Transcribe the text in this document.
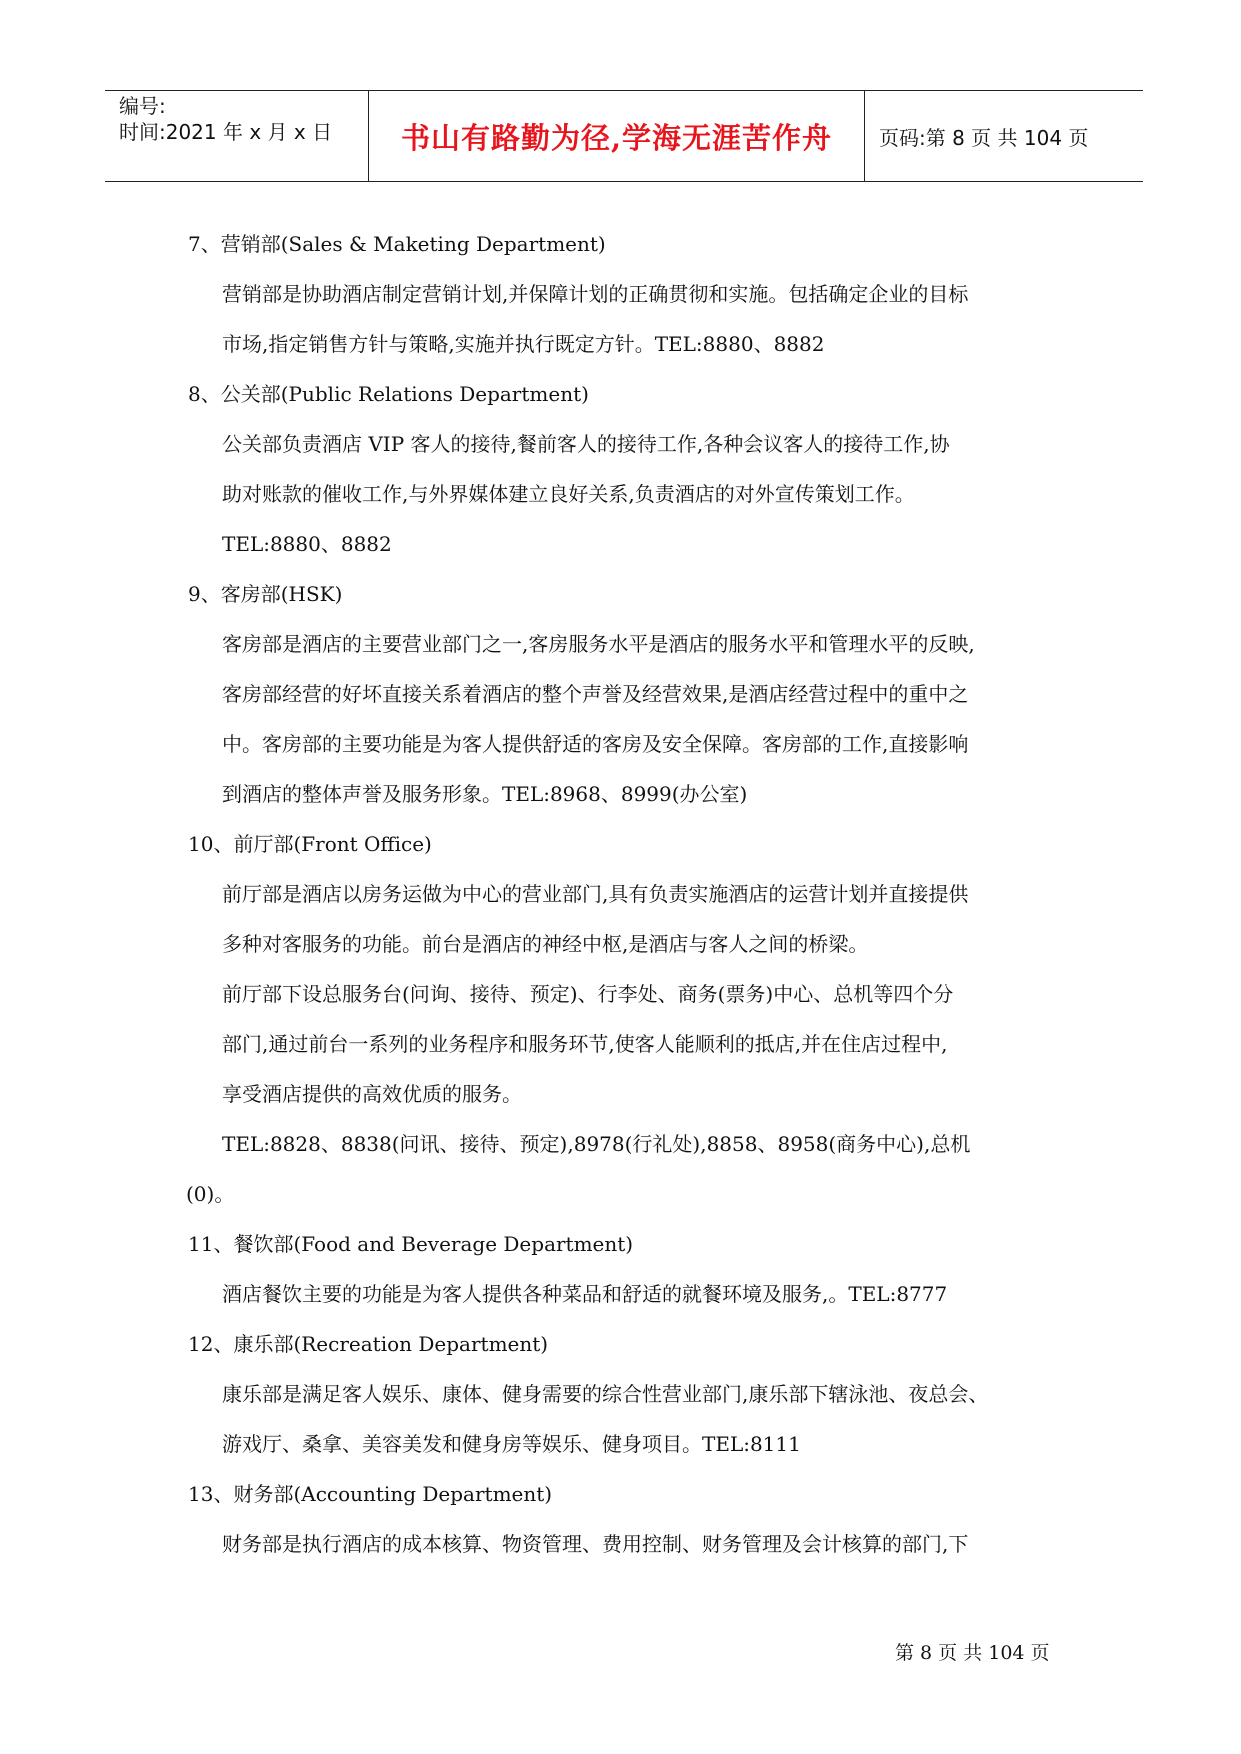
编号:
时间:2021 年 x 月 x 日 书山有路勤为径,学海无涯苦作舟	页码:第 8 页 共 104 页
7、营销部(Sales & Maketing Department)
营销部是协助酒店制定营销计划,并保障计划的正确贯彻和实施。包括确定企业的目标
市场,指定销售方针与策略,实施并执行既定方针。TEL:8880、8882
8、公关部(Public Relations Department)
公关部负责酒店 VIP 客人的接待,餐前客人的接待工作,各种会议客人的接待工作,协
助对账款的催收工作,与外界媒体建立良好关系,负责酒店的对外宣传策划工作。
TEL:8880、8882
9、客房部(HSK)
客房部是酒店的主要营业部门之一,客房服务水平是酒店的服务水平和管理水平的反映,
客房部经营的好坏直接关系着酒店的整个声誉及经营效果,是酒店经营过程中的重中之
中。客房部的主要功能是为客人提供舒适的客房及安全保障。客房部的工作,直接影响
到酒店的整体声誉及服务形象。TEL:8968、8999(办公室)
10、前厅部(Front Office)
前厅部是酒店以房务运做为中心的营业部门,具有负责实施酒店的运营计划并直接提供
多种对客服务的功能。前台是酒店的神经中枢,是酒店与客人之间的桥梁。
前厅部下设总服务台(问询、接待、预定)、行李处、商务(票务)中心、总机等四个分
部门,通过前台一系列的业务程序和服务环节,使客人能顺利的抵店,并在住店过程中,
享受酒店提供的高效优质的服务。
TEL:8828、8838(问讯、接待、预定),8978(行礼处),8858、8958(商务中心),总机
(0)。
11、餐饮部(Food and Beverage Department)
酒店餐饮主要的功能是为客人提供各种菜品和舒适的就餐环境及服务,。TEL:8777
12、康乐部(Recreation Department)
康乐部是满足客人娱乐、康体、健身需要的综合性营业部门,康乐部下辖泳池、夜总会、
游戏厅、桑拿、美容美发和健身房等娱乐、健身项目。TEL:8111
13、财务部(Accounting Department)
财务部是执行酒店的成本核算、物资管理、费用控制、财务管理及会计核算的部门,下
第 8 页 共 104 页
